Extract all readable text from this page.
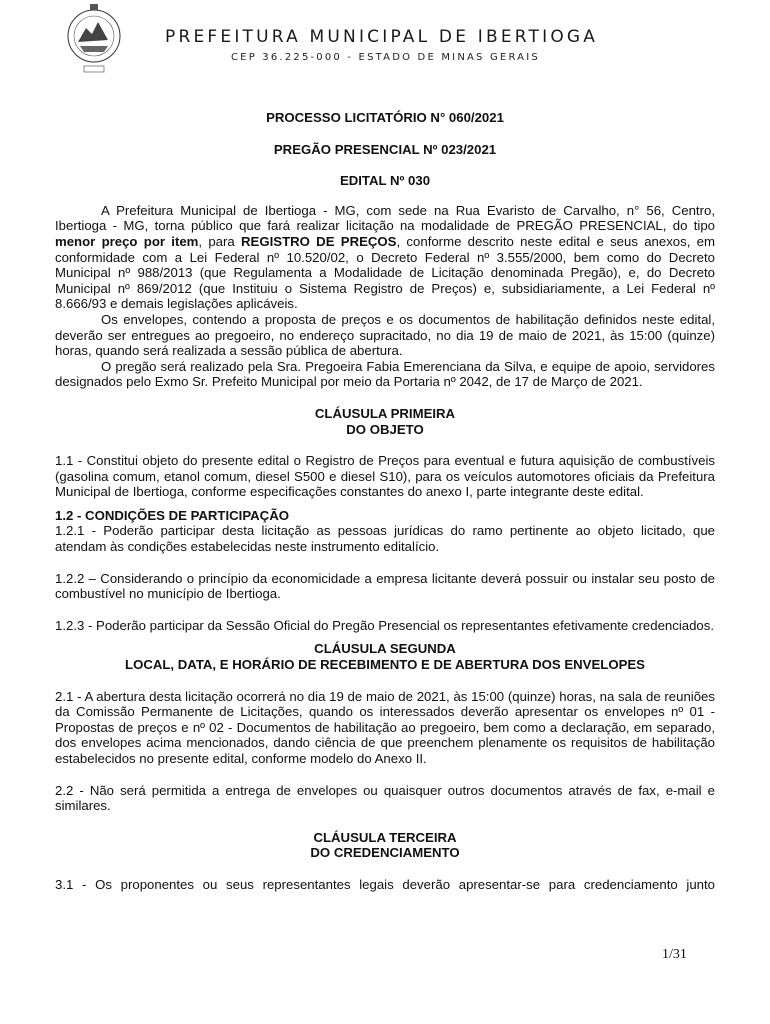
PREFEITURA MUNICIPAL DE IBERTIOGA
CEP 36.225-000 - ESTADO DE MINAS GERAIS

PROCESSO LICITATÓRIO N° 060/2021

PREGÃO PRESENCIAL Nº 023/2021

EDITAL Nº 030

A Prefeitura Municipal de Ibertioga - MG, com sede na Rua Evaristo de Carvalho, n° 56, Centro, Ibertioga - MG, torna público que fará realizar licitação na modalidade de PREGÃO PRESENCIAL, do tipo menor preço por item, para REGISTRO DE PREÇOS, conforme descrito neste edital e seus anexos, em conformidade com a Lei Federal nº 10.520/02, o Decreto Federal nº 3.555/2000, bem como do Decreto Municipal nº 988/2013 (que Regulamenta a Modalidade de Licitação denominada Pregão), e, do Decreto Municipal nº 869/2012 (que Instituiu o Sistema Registro de Preços) e, subsidiariamente, a Lei Federal nº 8.666/93 e demais legislações aplicáveis.

Os envelopes, contendo a proposta de preços e os documentos de habilitação definidos neste edital, deverão ser entregues ao pregoeiro, no endereço supracitado, no dia 19 de maio de 2021, às 15:00 (quinze) horas, quando será realizada a sessão pública de abertura.

O pregão será realizado pela Sra. Pregoeira Fabia Emerenciana da Silva, e equipe de apoio, servidores designados pelo Exmo Sr. Prefeito Municipal por meio da Portaria nº 2042, de 17 de Março de 2021.

CLÁUSULA PRIMEIRA

DO OBJETO

1.1 - Constitui objeto do presente edital o Registro de Preços para eventual e futura aquisição de combustíveis (gasolina comum, etanol comum, diesel S500 e diesel S10), para os veículos automotores oficiais da Prefeitura Municipal de Ibertioga, conforme especificações constantes do anexo I, parte integrante deste edital.

1.2 - CONDIÇÕES DE PARTICIPAÇÃO

1.2.1 - Poderão participar desta licitação as pessoas jurídicas do ramo pertinente ao objeto licitado, que atendam às condições estabelecidas neste instrumento editalício.

1.2.2 – Considerando o princípio da economicidade a empresa licitante deverá possuir ou instalar seu posto de combustível no município de Ibertioga.

1.2.3 - Poderão participar da Sessão Oficial do Pregão Presencial os representantes efetivamente credenciados.

CLÁUSULA SEGUNDA

LOCAL, DATA, E HORÁRIO DE RECEBIMENTO E DE ABERTURA DOS ENVELOPES

2.1 - A abertura desta licitação ocorrerá no dia 19 de maio de 2021, às 15:00 (quinze) horas, na sala de reuniões da Comissão Permanente de Licitações, quando os interessados deverão apresentar os envelopes nº 01 - Propostas de preços e nº 02 - Documentos de habilitação ao pregoeiro, bem como a declaração, em separado, dos envelopes acima mencionados, dando ciência de que preenchem plenamente os requisitos de habilitação estabelecidos no presente edital, conforme modelo do Anexo II.

2.2 - Não será permitida a entrega de envelopes ou quaisquer outros documentos através de fax, e-mail e similares.

CLÁUSULA TERCEIRA

DO CREDENCIAMENTO

3.1 - Os proponentes ou seus representantes legais deverão apresentar-se para credenciamento junto

1/31
